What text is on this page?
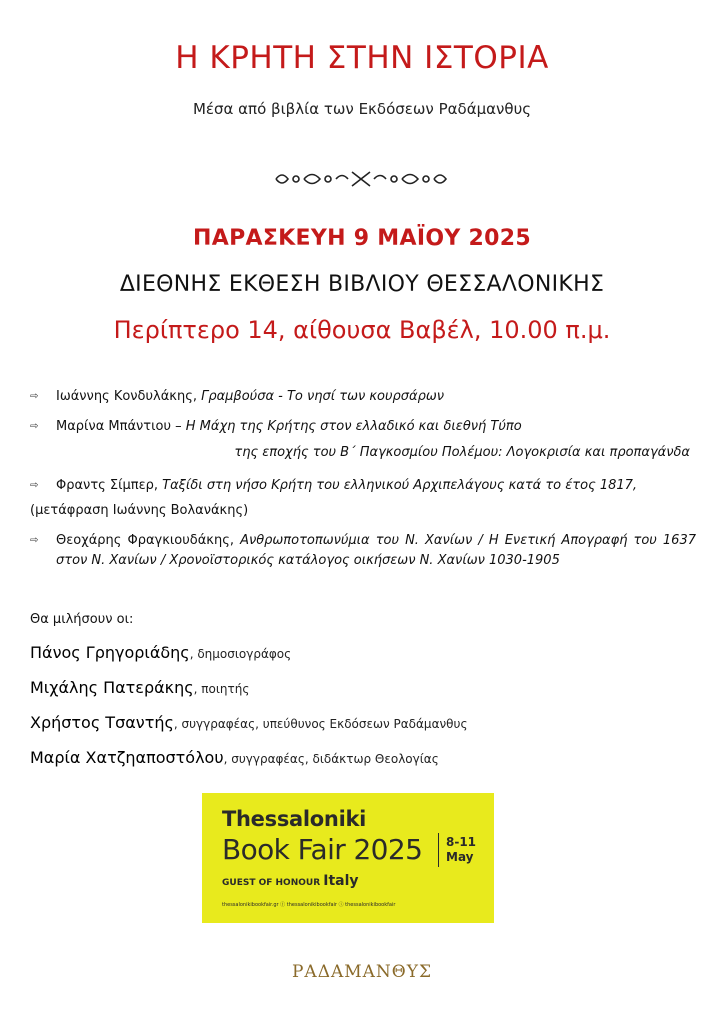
Η ΚΡΗΤΗ ΣΤΗΝ ΙΣΤΟΡΙΑ
Μέσα από βιβλία των Εκδόσεων Ραδάμανθυς
ΠΑΡΑΣΚΕΥΗ 9 ΜΑΪΟΥ 2025
ΔΙΕΘΝΗΣ ΕΚΘΕΣΗ ΒΙΒΛΙΟΥ ΘΕΣΣΑΛΟΝΙΚΗΣ
Περίπτερο 14, αίθουσα Βαβέλ, 10.00 π.μ.
⇨ Ιωάννης Κονδυλάκης, Γραμβούσα - Το νησί των κουρσάρων
⇨ Μαρίνα Μπάντιου – Η Μάχη της Κρήτης στον ελλαδικό και διεθνή Τύπο
της εποχής του Β΄ Παγκοσμίου Πολέμου: Λογοκρισία και προπαγάνδα
⇨ Φραντς Σίμπερ, Ταξίδι στη νήσο Κρήτη του ελληνικού Αρχιπελάγους κατά το έτος 1817,
(μετάφραση Ιωάννης Βολανάκης)
⇨ Θεοχάρης Φραγκιουδάκης, Ανθρωποτοπωνύμια του Ν. Χανίων / Η Ενετική Απογραφή του 1637 στον Ν. Χανίων / Χρονοϊστορικός κατάλογος οικήσεων Ν. Χανίων 1030-1905
Θα μιλήσουν οι:
Πάνος Γρηγοριάδης, δημοσιογράφος
Μιχάλης Πατεράκης, ποιητής
Χρήστος Τσαντής, συγγραφέας, υπεύθυνος Εκδόσεων Ραδάμανθυς
Μαρία Χατζηαποστόλου, συγγραφέας, διδάκτωρ Θεολογίας
Thessaloniki
Book Fair 2025 8-11
May
GUEST OF HONOUR Italy
thessalonikibookfair.gr ⓕ thessalonikibookfair ⓘ thessalonikibookfair
ΡΑΔΑΜΑΝΘΥΣ
